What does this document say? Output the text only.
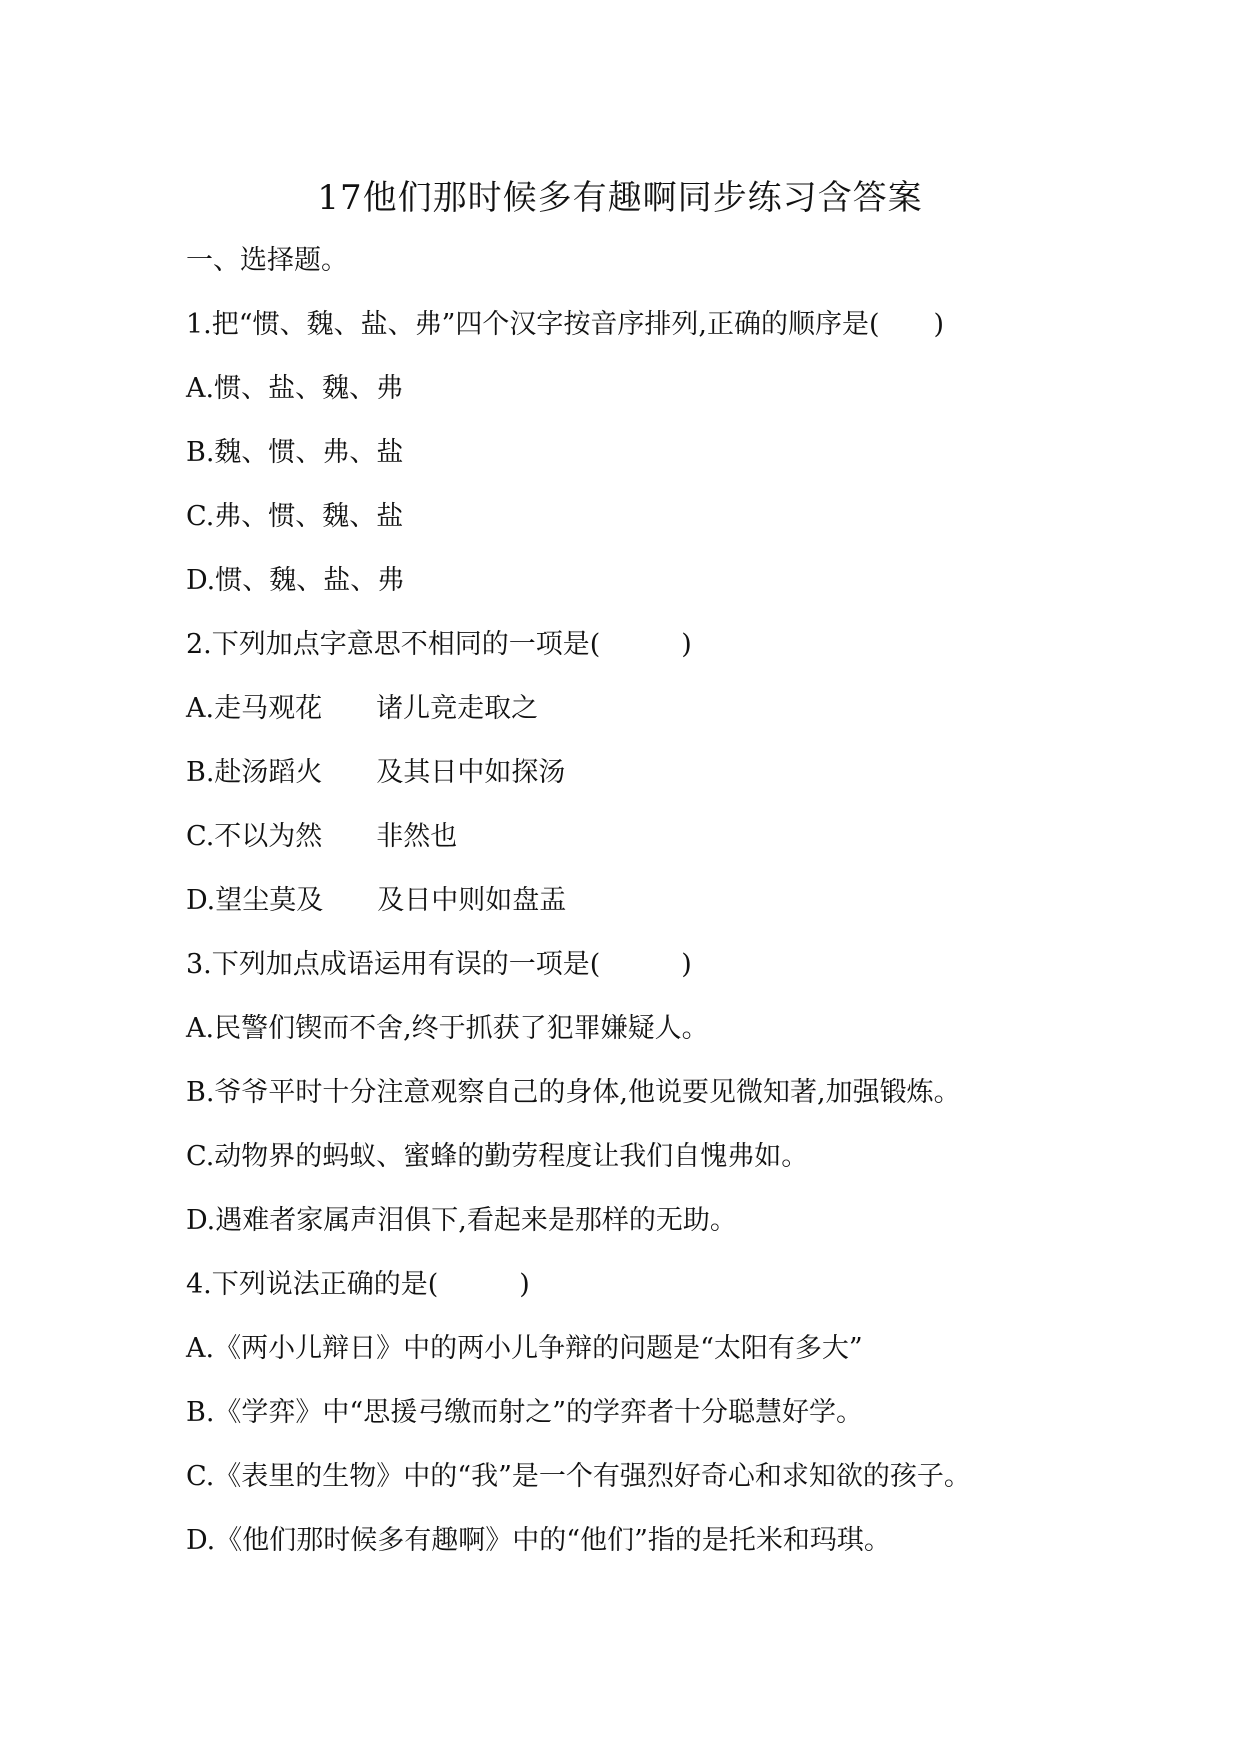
17他们那时候多有趣啊同步练习含答案
一、选择题。
1.把“惯、魏、盐、弗”四个汉字按音序排列,正确的顺序是(　　)
A.惯、盐、魏、弗
B.魏、惯、弗、盐
C.弗、惯、魏、盐
D.惯、魏、盐、弗
2.下列加点字意思不相同的一项是(　　　)
A.走马观花　　诸儿竞走取之
B.赴汤蹈火　　及其日中如探汤
C.不以为然　　非然也
D.望尘莫及　　及日中则如盘盂
3.下列加点成语运用有误的一项是(　　　)
A.民警们锲而不舍,终于抓获了犯罪嫌疑人。
B.爷爷平时十分注意观察自己的身体,他说要见微知著,加强锻炼。
C.动物界的蚂蚁、蜜蜂的勤劳程度让我们自愧弗如。
D.遇难者家属声泪俱下,看起来是那样的无助。
4.下列说法正确的是(　　　)
A.《两小儿辩日》中的两小儿争辩的问题是“太阳有多大”
B.《学弈》中“思援弓缴而射之”的学弈者十分聪慧好学。
C.《表里的生物》中的“我”是一个有强烈好奇心和求知欲的孩子。
D.《他们那时候多有趣啊》中的“他们”指的是托米和玛琪。
